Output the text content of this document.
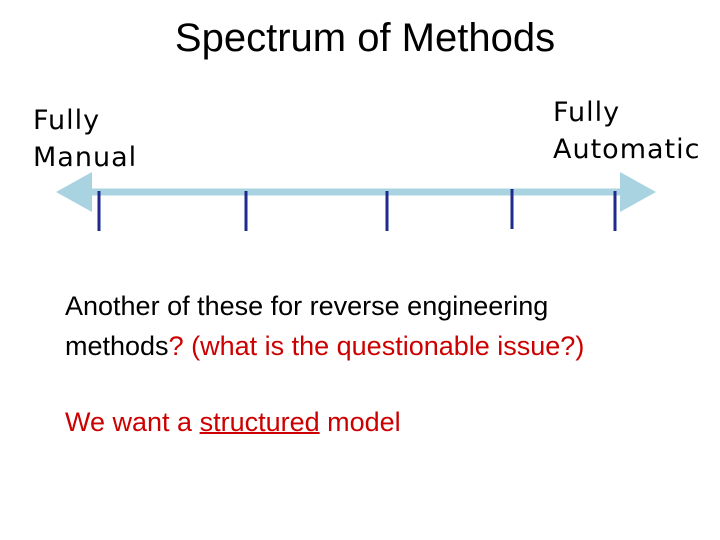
Spectrum of Methods
Fully
Manual
Fully
Automatic
Another of these for reverse engineering
methods? (what is the questionable issue?)
We want a structured model
